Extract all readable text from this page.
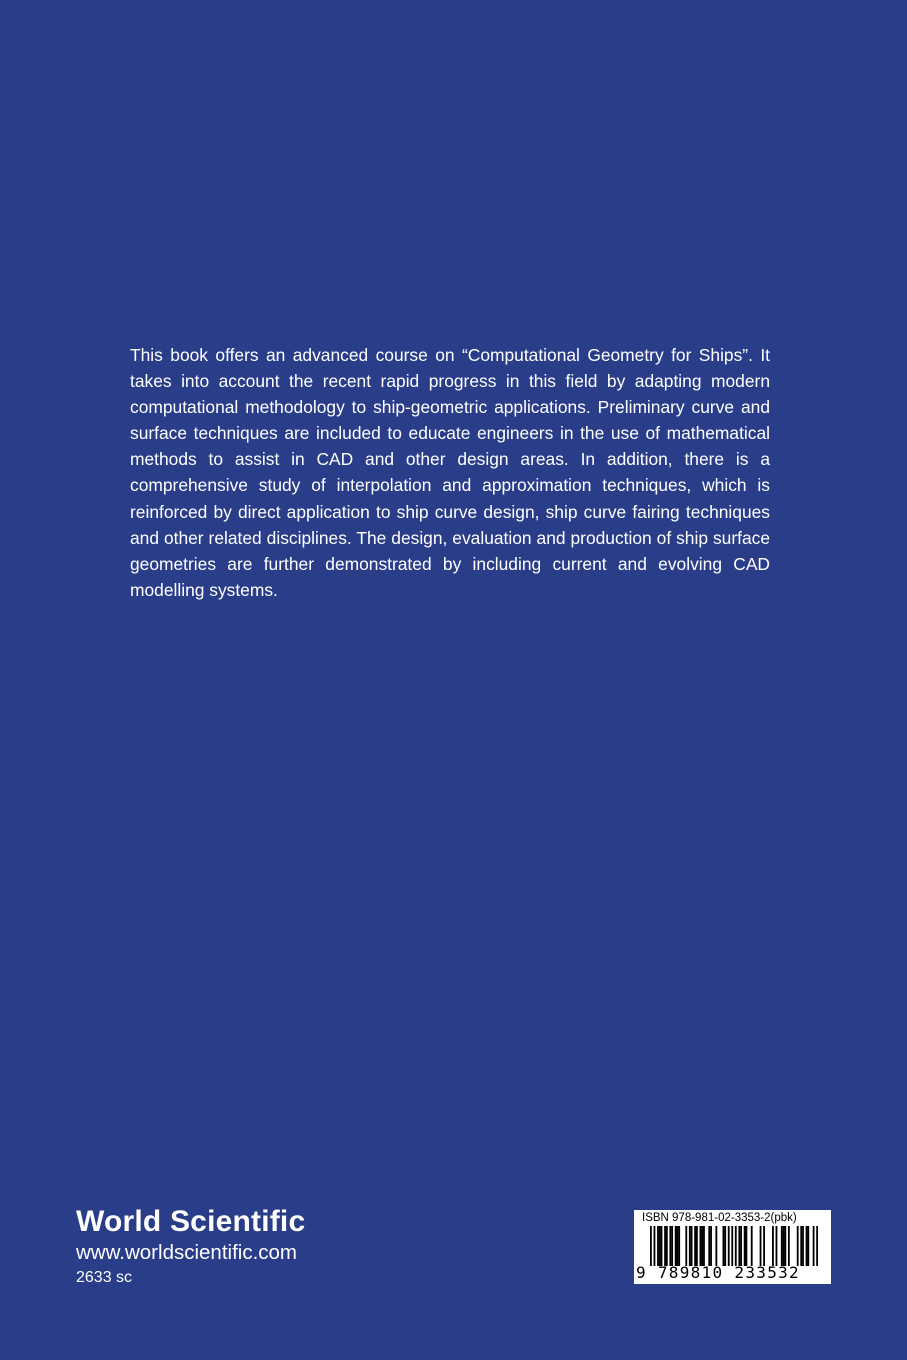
This book offers an advanced course on “Computational Geometry for Ships”. It takes into account the recent rapid progress in this field by adapting modern computational methodology to ship-geometric applications. Preliminary curve and surface techniques are included to educate engineers in the use of mathematical methods to assist in CAD and other design areas. In addition, there is a comprehensive study of interpolation and approximation techniques, which is reinforced by direct application to ship curve design, ship curve fairing techniques and other related disciplines. The design, evaluation and production of ship surface geometries are further demonstrated by including current and evolving CAD modelling systems.

World Scientific
www.worldscientific.com
2633 sc
ISBN 978-981-02-3353-2(pbk)
9 789810 233532
